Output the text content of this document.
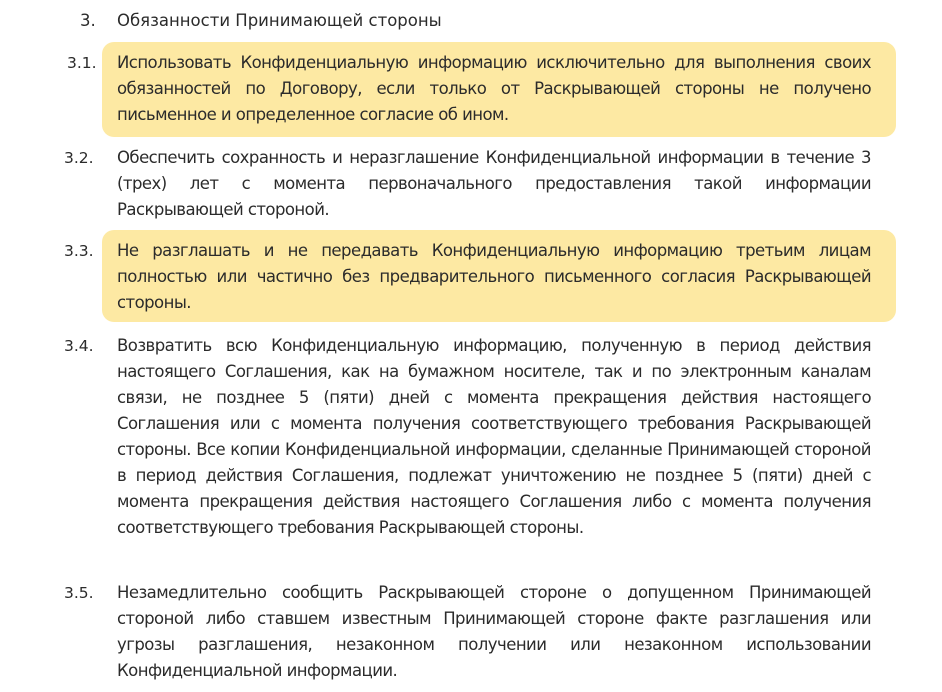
3. Обязанности Принимающей стороны
3.1.	Использовать Конфиденциальную информацию исключительно для выполнения своих обязанностей по Договору, если только от Раскрывающей стороны не получено письменное и определенное согласие об ином.
3.2.	Обеспечить сохранность и неразглашение Конфиденциальной информации в течение 3 (трех) лет с момента первоначального предоставления такой информации Раскрывающей стороной.
3.3.	Не разглашать и не передавать Конфиденциальную информацию третьим лицам полностью или частично без предварительного письменного согласия Раскрывающей стороны.
3.4.	Возвратить всю Конфиденциальную информацию, полученную в период действия настоящего Соглашения, как на бумажном носителе, так и по электронным каналам связи, не позднее 5 (пяти) дней с момента прекращения действия настоящего Соглашения или с момента получения соответствующего требования Раскрывающей стороны. Все копии Конфиденциальной информации, сделанные Принимающей стороной в период действия Соглашения, подлежат уничтожению не позднее 5 (пяти) дней с момента прекращения действия настоящего Соглашения либо с момента получения соответствующего требования Раскрывающей стороны.
3.5.	Незамедлительно сообщить Раскрывающей стороне о допущенном Принимающей стороной либо ставшем известным Принимающей стороне факте разглашения или угрозы разглашения, незаконном получении или незаконном использовании Конфиденциальной информации.
